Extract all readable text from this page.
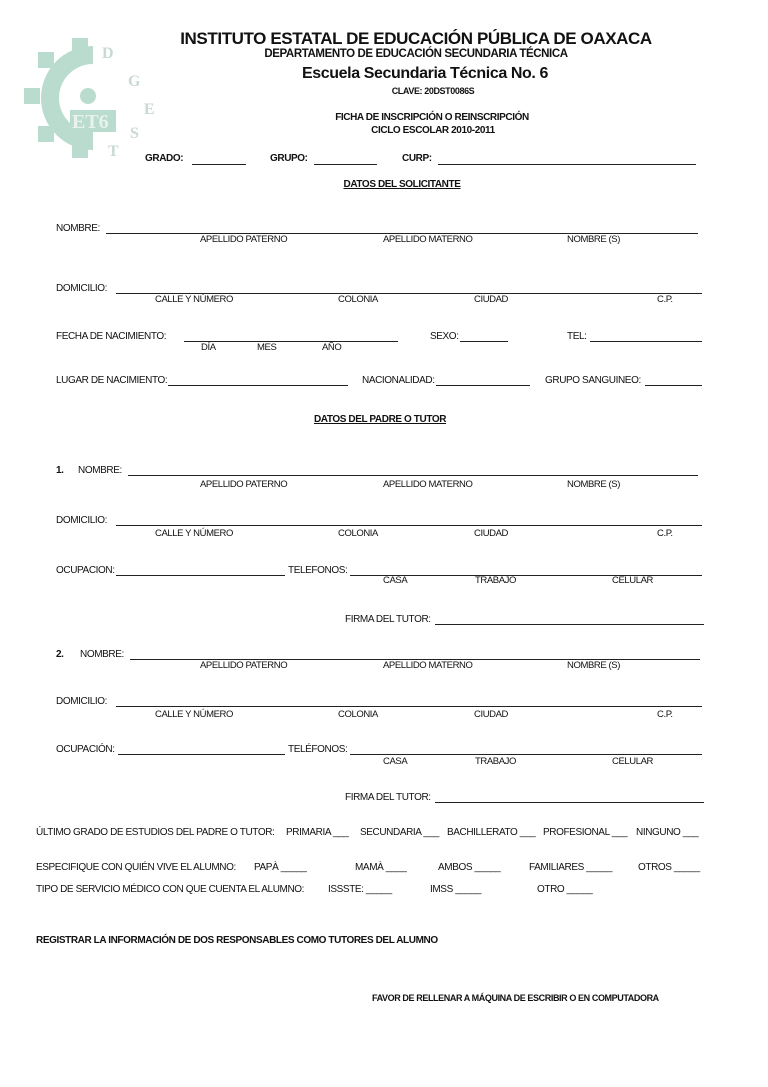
D
G
E
S
T
ET6
INSTITUTO ESTATAL DE EDUCACIÓN PÚBLICA DE OAXACA
DEPARTAMENTO DE EDUCACIÓN SECUNDARIA TÉCNICA
Escuela Secundaria Técnica No. 6
CLAVE: 20DST0086S
FICHA DE INSCRIPCIÓN O REINSCRIPCIÓN
CICLO ESCOLAR 2010-2011
GRADO:	GRUPO:	CURP:
DATOS DEL SOLICITANTE
NOMBRE:
APELLIDO PATERNO	APELLIDO MATERNO	NOMBRE (S)
DOMICILIO:
CALLE Y NÚMERO	COLONIA	CIUDAD	C.P.
FECHA DE NACIMIENTO:
DÍA	MES	AÑO
SEXO:	TEL:
LUGAR DE NACIMIENTO:	NACIONALIDAD:	GRUPO SANGUINEO:
DATOS DEL PADRE O TUTOR
1. NOMBRE:
APELLIDO PATERNO	APELLIDO MATERNO	NOMBRE (S)
DOMICILIO:
CALLE Y NÚMERO	COLONIA	CIUDAD	C.P.
OCUPACION:	TELEFONOS:
CASA	TRABAJO	CELULAR
FIRMA DEL TUTOR:
2. NOMBRE:
APELLIDO PATERNO	APELLIDO MATERNO	NOMBRE (S)
DOMICILIO:
CALLE Y NÚMERO	COLONIA	CIUDAD	C.P.
OCUPACIÓN:	TELÉFONOS:
CASA	TRABAJO	CELULAR
FIRMA DEL TUTOR:
ÚLTIMO GRADO DE ESTUDIOS DEL PADRE O TUTOR: PRIMARIA ___ SECUNDARIA ___ BACHILLERATO ___ PROFESIONAL ___ NINGUNO ___
ESPECIFIQUE CON QUIÉN VIVE EL ALUMNO: PAPÀ _____	MAMÀ ____	AMBOS _____	FAMILIARES _____	OTROS _____
TIPO DE SERVICIO MÉDICO CON QUE CUENTA EL ALUMNO: ISSSTE: _____	IMSS _____	OTRO _____
REGISTRAR LA INFORMACIÓN DE DOS RESPONSABLES COMO TUTORES DEL ALUMNO
FAVOR DE RELLENAR A MÁQUINA DE ESCRIBIR O EN COMPUTADORA
